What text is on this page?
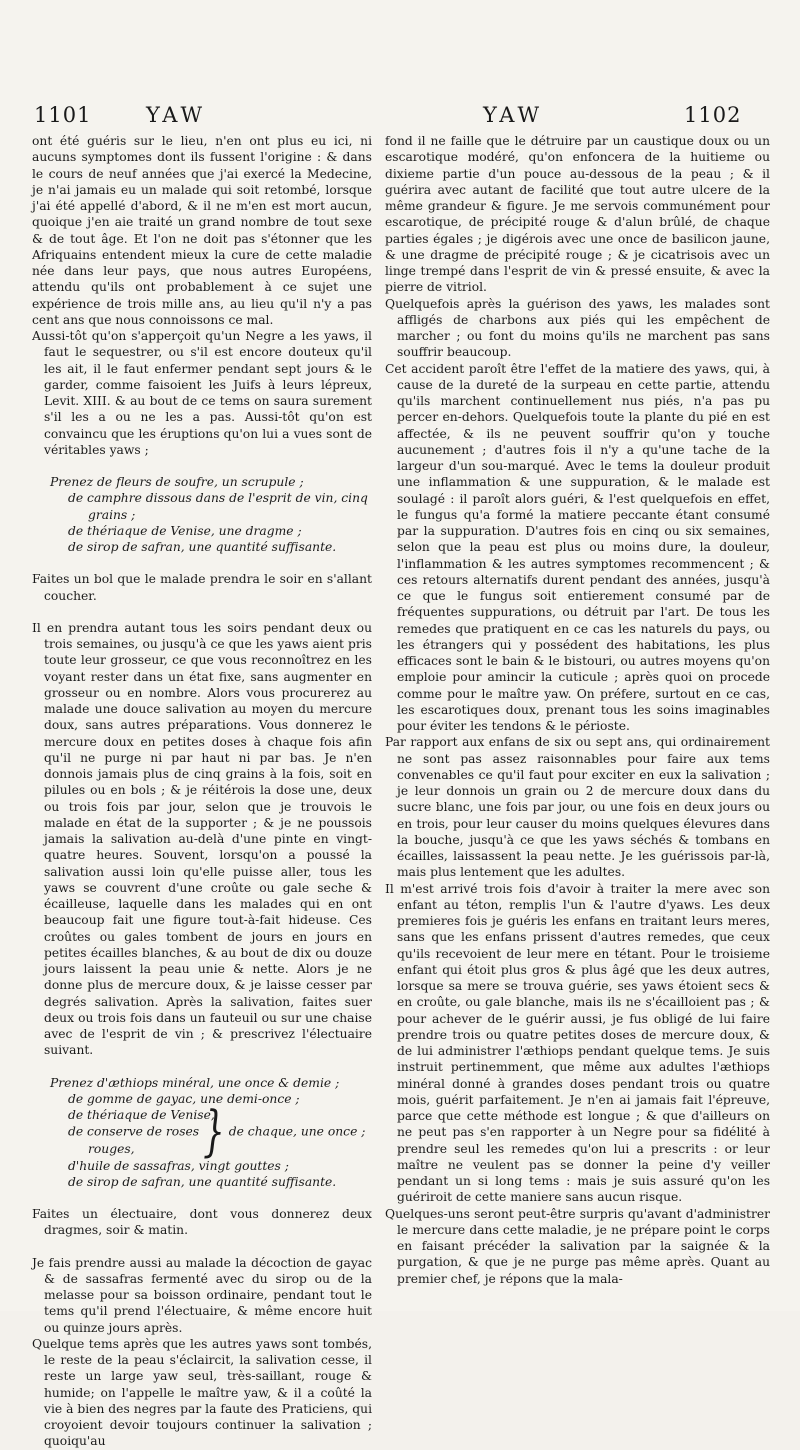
1101	YAW	YAW	1102

ont été guéris sur le lieu, n'en ont plus eu ici, ni aucuns symptomes dont ils fussent l'origine : & dans le cours de neuf années que j'ai exercé la Medecine, je n'ai jamais eu un malade qui soit retombé, lorsque j'ai été appellé d'abord, & il ne m'en est mort aucun, quoique j'en aie traité un grand nombre de tout sexe & de tout âge. Et l'on ne doit pas s'étonner que les Afriquains entendent mieux la cure de cette maladie née dans leur pays, que nous autres Européens, attendu qu'ils ont probablement à ce sujet une expérience de trois mille ans, au lieu qu'il n'y a pas cent ans que nous connoissons ce mal.

Aussi-tôt qu'on s'apperçoit qu'un Negre a les yaws, il faut le sequestrer, ou s'il est encore douteux qu'il les ait, il le faut enfermer pendant sept jours & le garder, comme faisoient les Juifs à leurs lépreux, Levit. XIII. & au bout de ce tems on saura surement s'il les a ou ne les a pas. Aussi-tôt qu'on est convaincu que les éruptions qu'on lui a vues sont de véritables yaws ;

Prenez de fleurs de soufre, un scrupule ;
de camphre dissous dans de l'esprit de vin, cinq
grains ;
de thériaque de Venise, une dragme ;
de sirop de safran, une quantité suffisante.

Faites un bol que le malade prendra le soir en s'allant coucher.

Il en prendra autant tous les soirs pendant deux ou trois semaines, ou jusqu'à ce que les yaws aient pris toute leur grosseur, ce que vous reconnoîtrez en les voyant rester dans un état fixe, sans augmenter en grosseur ou en nombre. Alors vous procurerez au malade une douce salivation au moyen du mercure doux, sans autres préparations. Vous donnerez le mercure doux en petites doses à chaque fois afin qu'il ne purge ni par haut ni par bas. Je n'en donnois jamais plus de cinq grains à la fois, soit en pilules ou en bols ; & je réitérois la dose une, deux ou trois fois par jour, selon que je trouvois le malade en état de la supporter ; & je ne poussois jamais la salivation au-delà d'une pinte en vingt-quatre heures. Souvent, lorsqu'on a poussé la salivation aussi loin qu'elle puisse aller, tous les yaws se couvrent d'une croûte ou gale seche & écailleuse, laquelle dans les malades qui en ont beaucoup fait une figure tout-à-fait hideuse. Ces croûtes ou gales tombent de jours en jours en petites écailles blanches, & au bout de dix ou douze jours laissent la peau unie & nette. Alors je ne donne plus de mercure doux, & je laisse cesser par degrés salivation. Après la salivation, faites suer deux ou trois fois dans un fauteuil ou sur une chaise avec de l'esprit de vin ; & prescrivez l'électuaire suivant.

Prenez d'æthiops minéral, une once & demie ;
de gomme de gayac, une demi-once ;
de thériaque de Venise,
de conserve de roses } de chaque, une once ;
rouges,
d'huile de sassafras, vingt gouttes ;
de sirop de safran, une quantité suffisante.

Faites un électuaire, dont vous donnerez deux dragmes, soir & matin.

Je fais prendre aussi au malade la décoction de gayac & de sassafras fermenté avec du sirop ou de la melasse pour sa boisson ordinaire, pendant tout le tems qu'il prend l'électuaire, & même encore huit ou quinze jours après.

Quelque tems après que les autres yaws sont tombés, le reste de la peau s'éclaircit, la salivation cesse, il reste un large yaw seul, très-saillant, rouge & humide; on l'appelle le maître yaw, & il a coûté la vie à bien des negres par la faute des Praticiens, qui croyoient devoir toujours continuer la salivation ; quoiqu'au

fond il ne faille que le détruire par un caustique doux ou un escarotique modéré, qu'on enfoncera de la huitieme ou dixieme partie d'un pouce au-dessous de la peau ; & il guérira avec autant de facilité que tout autre ulcere de la même grandeur & figure. Je me servois communément pour escarotique, de précipité rouge & d'alun brûlé, de chaque parties égales ; je digérois avec une once de basilicon jaune, & une dragme de précipité rouge ; & je cicatrisois avec un linge trempé dans l'esprit de vin & pressé ensuite, & avec la pierre de vitriol.

Quelquefois après la guérison des yaws, les malades sont affligés de charbons aux piés qui les empêchent de marcher ; ou font du moins qu'ils ne marchent pas sans souffrir beaucoup.

Cet accident paroît être l'effet de la matiere des yaws, qui, à cause de la dureté de la surpeau en cette partie, attendu qu'ils marchent continuellement nus piés, n'a pas pu percer en-dehors. Quelquefois toute la plante du pié en est affectée, & ils ne peuvent souffrir qu'on y touche aucunement ; d'autres fois il n'y a qu'une tache de la largeur d'un sou-marqué. Avec le tems la douleur produit une inflammation & une suppuration, & le malade est soulagé : il paroît alors guéri, & l'est quelquefois en effet, le fungus qu'a formé la matiere peccante étant consumé par la suppuration. D'autres fois en cinq ou six semaines, selon que la peau est plus ou moins dure, la douleur, l'inflammation & les autres symptomes recommencent ; & ces retours alternatifs durent pendant des années, jusqu'à ce que le fungus soit entierement consumé par de fréquentes suppurations, ou détruit par l'art. De tous les remedes que pratiquent en ce cas les naturels du pays, ou les étrangers qui y possédent des habitations, les plus efficaces sont le bain & le bistouri, ou autres moyens qu'on emploie pour amincir la cuticule ; après quoi on procede comme pour le maître yaw. On préfere, surtout en ce cas, les escarotiques doux, prenant tous les soins imaginables pour éviter les tendons & le périoste.

Par rapport aux enfans de six ou sept ans, qui ordinairement ne sont pas assez raisonnables pour faire aux tems convenables ce qu'il faut pour exciter en eux la salivation ; je leur donnois un grain ou 2 de mercure doux dans du sucre blanc, une fois par jour, ou une fois en deux jours ou en trois, pour leur causer du moins quelques élevures dans la bouche, jusqu'à ce que les yaws séchés & tombans en écailles, laissassent la peau nette. Je les guérissois par-là, mais plus lentement que les adultes.

Il m'est arrivé trois fois d'avoir à traiter la mere avec son enfant au téton, remplis l'un & l'autre d'yaws. Les deux premieres fois je guéris les enfans en traitant leurs meres, sans que les enfans prissent d'autres remedes, que ceux qu'ils recevoient de leur mere en tétant. Pour le troisieme enfant qui étoit plus gros & plus âgé que les deux autres, lorsque sa mere se trouva guérie, ses yaws étoient secs & en croûte, ou gale blanche, mais ils ne s'écailloient pas ; & pour achever de le guérir aussi, je fus obligé de lui faire prendre trois ou quatre petites doses de mercure doux, & de lui administrer l'æthiops pendant quelque tems. Je suis instruit pertinemment, que même aux adultes l'æthiops minéral donné à grandes doses pendant trois ou quatre mois, guérit parfaitement. Je n'en ai jamais fait l'épreuve, parce que cette méthode est longue ; & que d'ailleurs on ne peut pas s'en rapporter à un Negre pour sa fidélité à prendre seul les remedes qu'on lui a prescrits : or leur maître ne veulent pas se donner la peine d'y veiller pendant un si long tems : mais je suis assuré qu'on les guériroit de cette maniere sans aucun risque.

Quelques-uns seront peut-être surpris qu'avant d'administrer le mercure dans cette maladie, je ne prépare point le corps en faisant précéder la salivation par la saignée & la purgation, & que je ne purge pas même après. Quant au premier chef, je répons que la mala-
